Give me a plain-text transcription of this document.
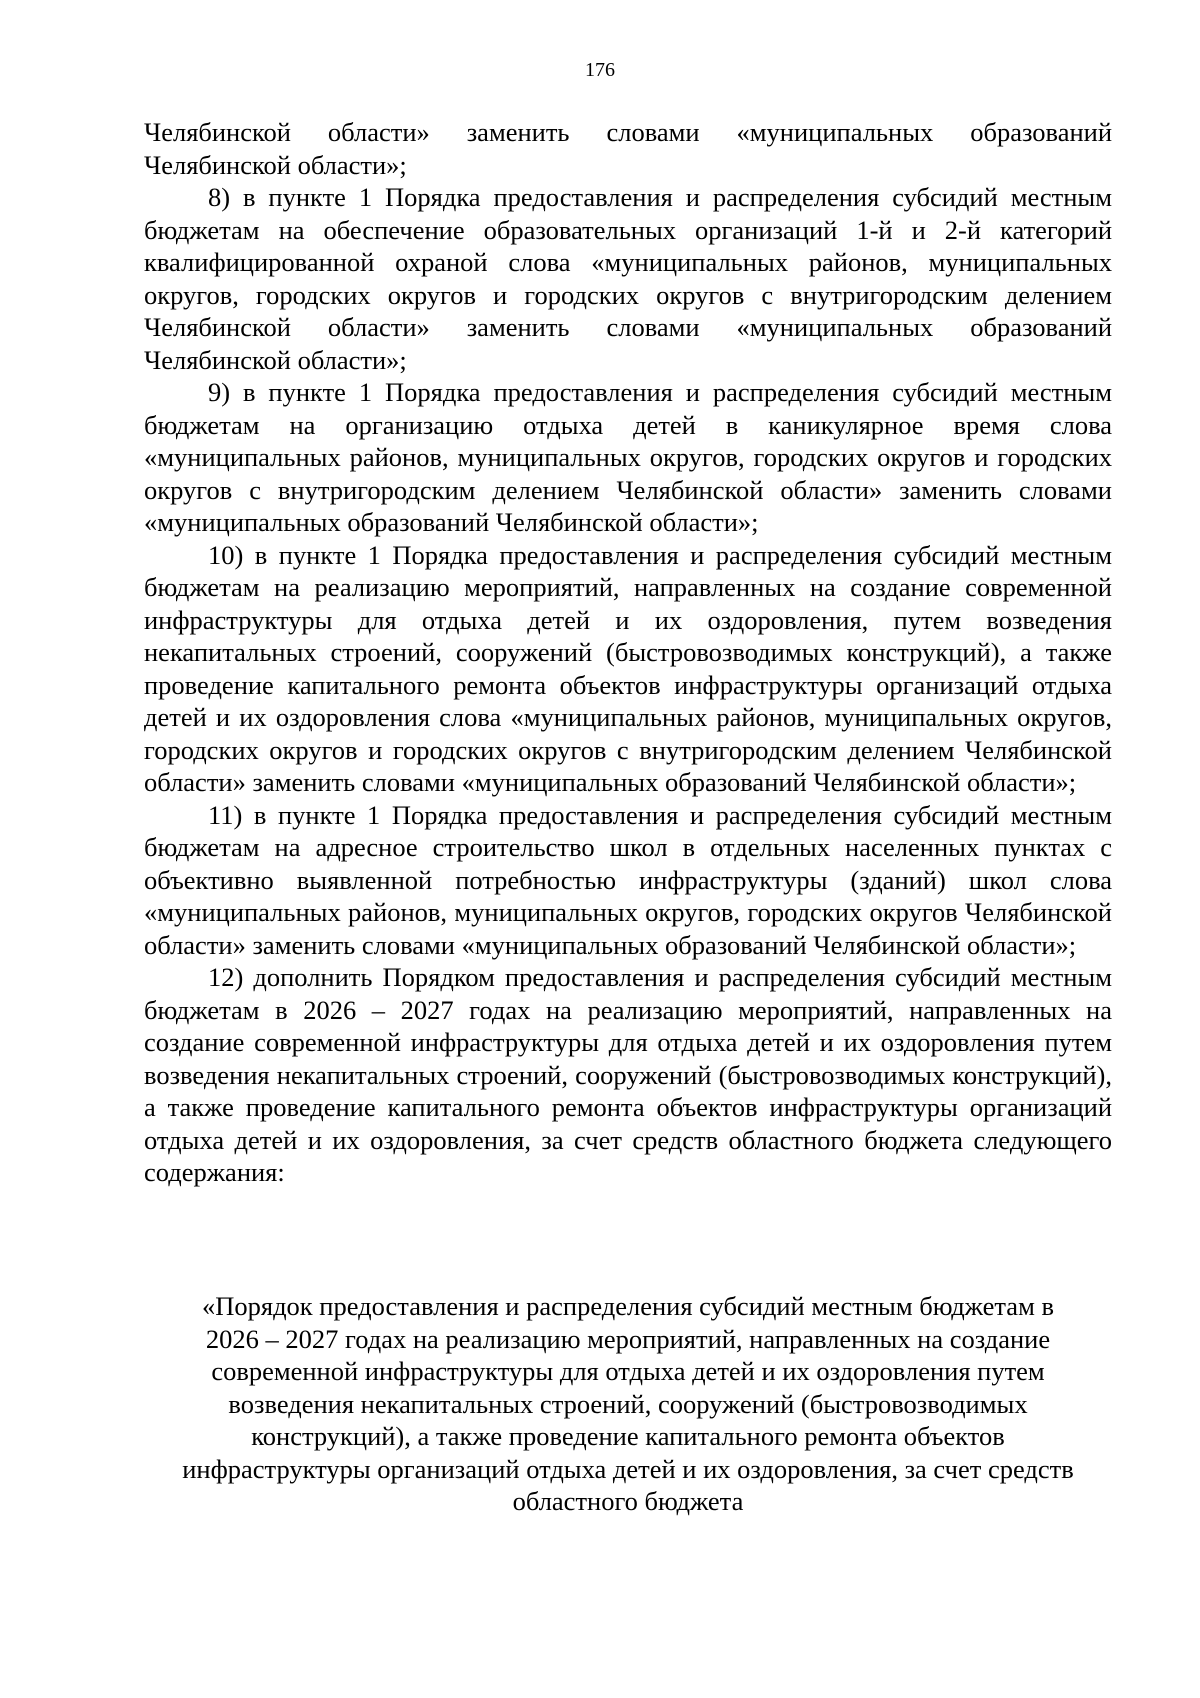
176

Челябинской области» заменить словами «муниципальных образований Челябинской области»;

8) в пункте 1 Порядка предоставления и распределения субсидий местным бюджетам на обеспечение образовательных организаций 1-й и 2-й категорий квалифицированной охраной слова «муниципальных районов, муниципальных округов, городских округов и городских округов с внутригородским делением Челябинской области» заменить словами «муниципальных образований Челябинской области»;

9) в пункте 1 Порядка предоставления и распределения субсидий местным бюджетам на организацию отдыха детей в каникулярное время слова «муниципальных районов, муниципальных округов, городских округов и городских округов с внутригородским делением Челябинской области» заменить словами «муниципальных образований Челябинской области»;

10) в пункте 1 Порядка предоставления и распределения субсидий местным бюджетам на реализацию мероприятий, направленных на создание современной инфраструктуры для отдыха детей и их оздоровления, путем возведения некапитальных строений, сооружений (быстровозводимых конструкций), а также проведение капитального ремонта объектов инфраструктуры организаций отдыха детей и их оздоровления слова «муниципальных районов, муниципальных округов, городских округов и городских округов с внутригородским делением Челябинской области» заменить словами «муниципальных образований Челябинской области»;

11) в пункте 1 Порядка предоставления и распределения субсидий местным бюджетам на адресное строительство школ в отдельных населенных пунктах с объективно выявленной потребностью инфраструктуры (зданий) школ слова «муниципальных районов, муниципальных округов, городских округов Челябинской области» заменить словами «муниципальных образований Челябинской области»;

12) дополнить Порядком предоставления и распределения субсидий местным бюджетам в 2026 – 2027 годах на реализацию мероприятий, направленных на создание современной инфраструктуры для отдыха детей и их оздоровления путем возведения некапитальных строений, сооружений (быстровозводимых конструкций), а также проведение капитального ремонта объектов инфраструктуры организаций отдыха детей и их оздоровления, за счет средств областного бюджета следующего содержания:

«Порядок предоставления и распределения субсидий местным бюджетам в
2026 – 2027 годах на реализацию мероприятий, направленных на создание
современной инфраструктуры для отдыха детей и их оздоровления путем
возведения некапитальных строений, сооружений (быстровозводимых
конструкций), а также проведение капитального ремонта объектов
инфраструктуры организаций отдыха детей и их оздоровления, за счет средств
областного бюджета
